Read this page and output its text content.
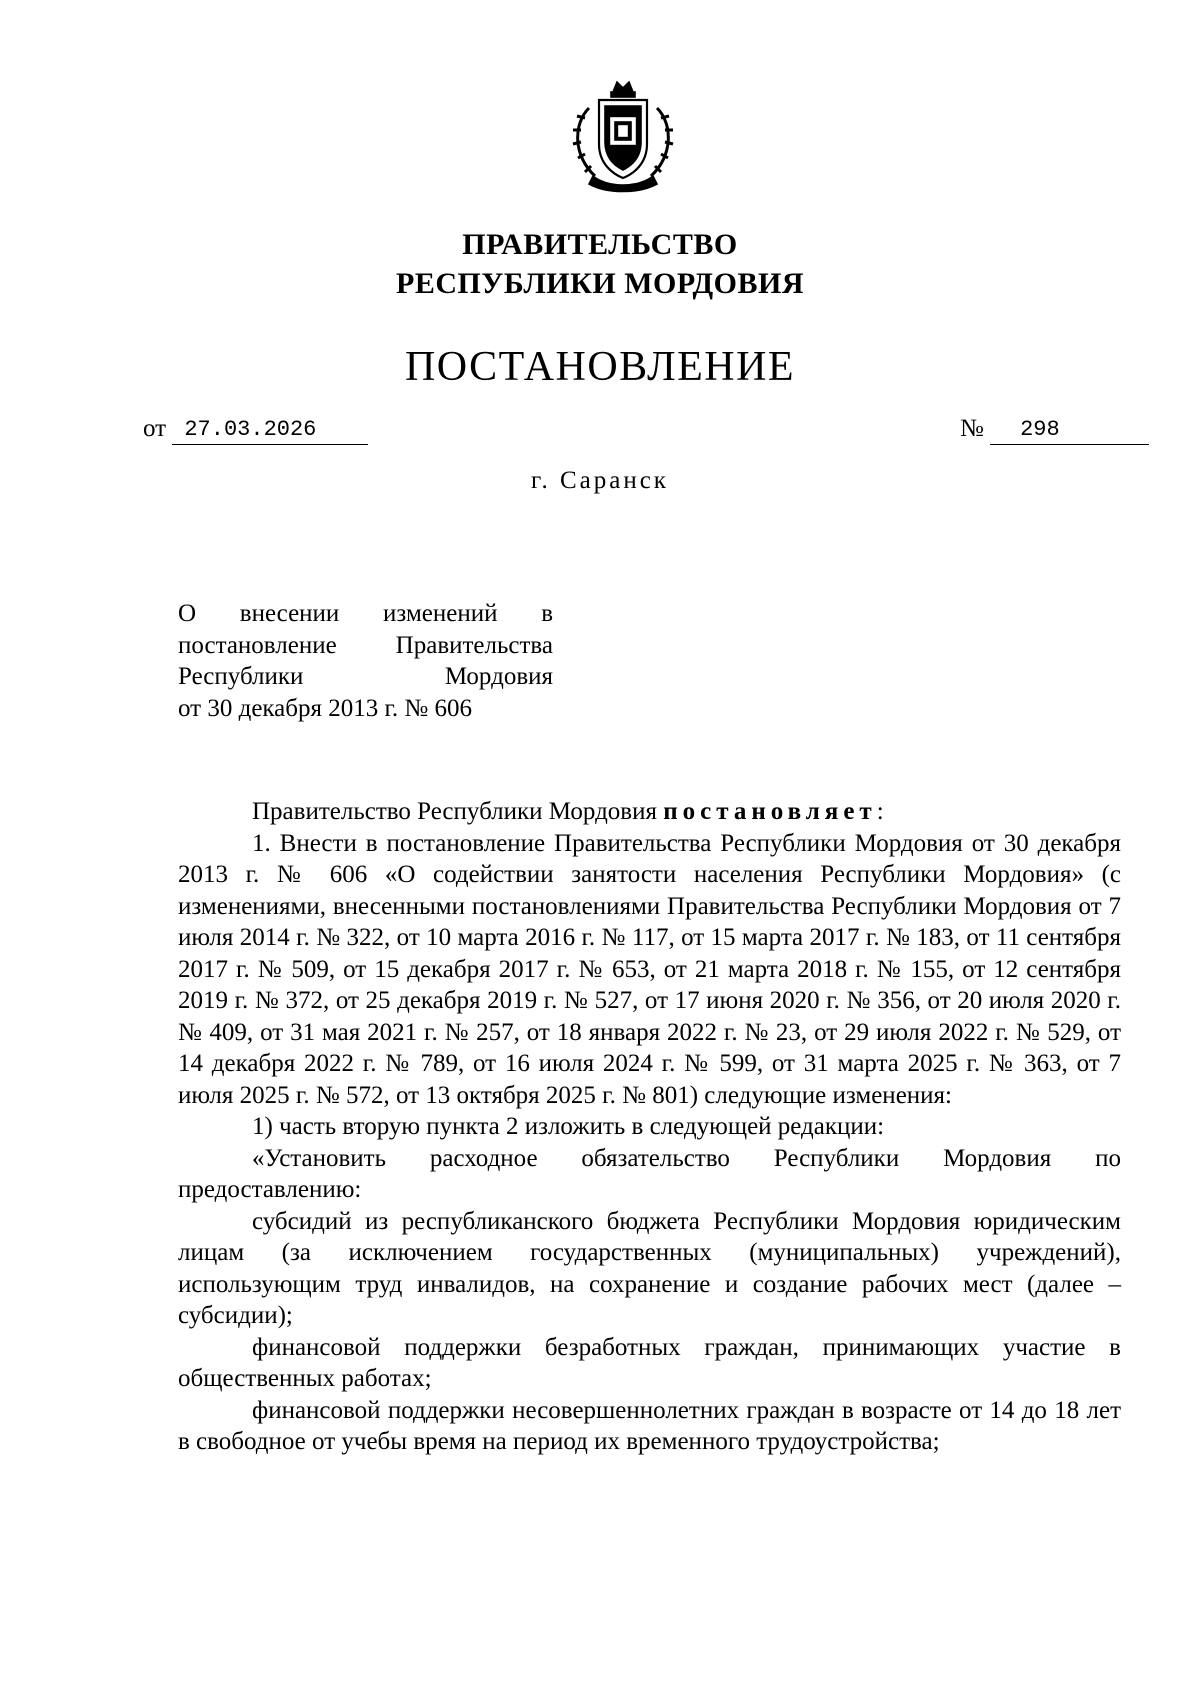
ПРАВИТЕЛЬСТВО
РЕСПУБЛИКИ МОРДОВИЯ
ПОСТАНОВЛЕНИЕ
от 27.03.2026	№ 298
г. Саранск
О внесении изменений в
постановление Правительства
Республики Мордовия
от 30 декабря 2013 г. № 606

Правительство Республики Мордовия постановляет:

1. Внести в постановление Правительства Республики Мордовия от 30 декабря 2013 г. № 606 «О содействии занятости населения Республики Мордовия» (с изменениями, внесенными постановлениями Правительства Республики Мордовия от 7 июля 2014 г. № 322, от 10 марта 2016 г. № 117, от 15 марта 2017 г. № 183, от 11 сентября 2017 г. № 509, от 15 декабря 2017 г. № 653, от 21 марта 2018 г. № 155, от 12 сентября 2019 г. № 372, от 25 декабря 2019 г. № 527, от 17 июня 2020 г. № 356, от 20 июля 2020 г. № 409, от 31 мая 2021 г. № 257, от 18 января 2022 г. № 23, от 29 июля 2022 г. № 529, от 14 декабря 2022 г. № 789, от 16 июля 2024 г. № 599, от 31 марта 2025 г. № 363, от 7 июля 2025 г. № 572, от 13 октября 2025 г. № 801) следующие изменения:

1) часть вторую пункта 2 изложить в следующей редакции:

«Установить расходное обязательство Республики Мордовия по предоставлению:

субсидий из республиканского бюджета Республики Мордовия юридическим лицам (за исключением государственных (муниципальных) учреждений), использующим труд инвалидов, на сохранение и создание рабочих мест (далее – субсидии);

финансовой поддержки безработных граждан, принимающих участие в общественных работах;

финансовой поддержки несовершеннолетних граждан в возрасте от 14 до 18 лет в свободное от учебы время на период их временного трудоустройства;
